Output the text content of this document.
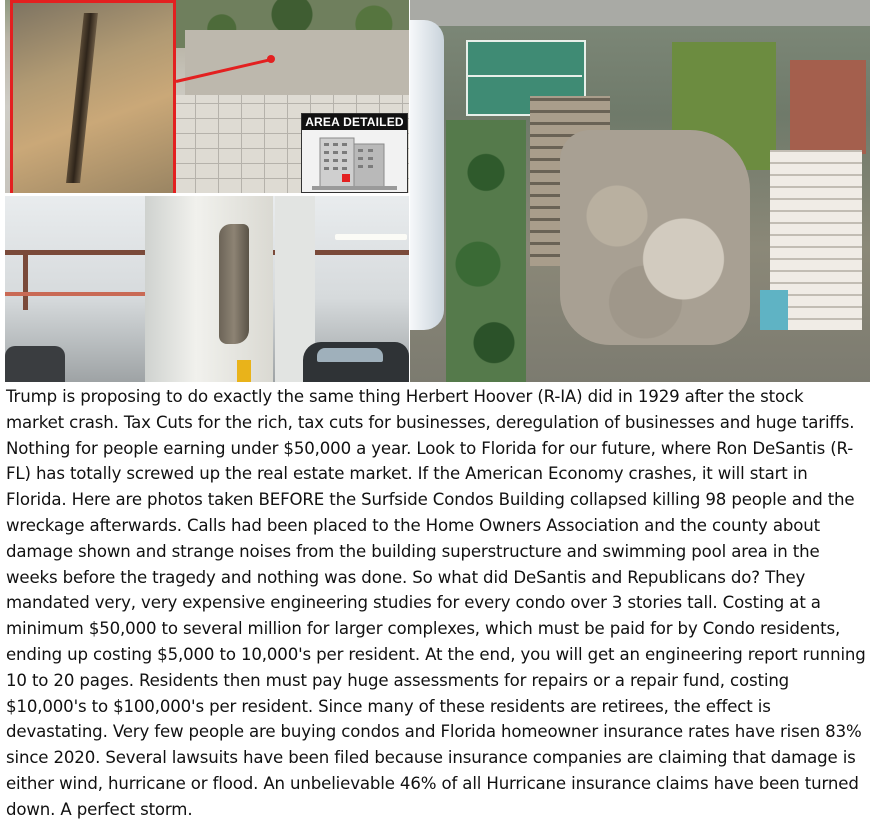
AREA DETAILED

Trump is proposing to do exactly the same thing Herbert Hoover (R-IA) did in 1929 after the stock market crash. Tax Cuts for the rich, tax cuts for businesses, deregulation of businesses and huge tariffs. Nothing for people earning under $50,000 a year. Look to Florida for our future, where Ron DeSantis (R-FL) has totally screwed up the real estate market. If the American Economy crashes, it will start in Florida. Here are photos taken BEFORE the Surfside Condos Building collapsed killing 98 people and the wreckage afterwards. Calls had been placed to the Home Owners Association and the county about damage shown and strange noises from the building superstructure and swimming pool area in the weeks before the tragedy and nothing was done. So what did DeSantis and Republicans do? They mandated very, very expensive engineering studies for every condo over 3 stories tall. Costing at a minimum $50,000 to several million for larger complexes, which must be paid for by Condo residents, ending up costing $5,000 to 10,000's per resident. At the end, you will get an engineering report running 10 to 20 pages. Residents then must pay huge assessments for repairs or a repair fund, costing $10,000's to $100,000's per resident. Since many of these residents are retirees, the effect is devastating. Very few people are buying condos and Florida homeowner insurance rates have risen 83% since 2020. Several lawsuits have been filed because insurance companies are claiming that damage is either wind, hurricane or flood. An unbelievable 46% of all Hurricane insurance claims have been turned down. A perfect storm.
